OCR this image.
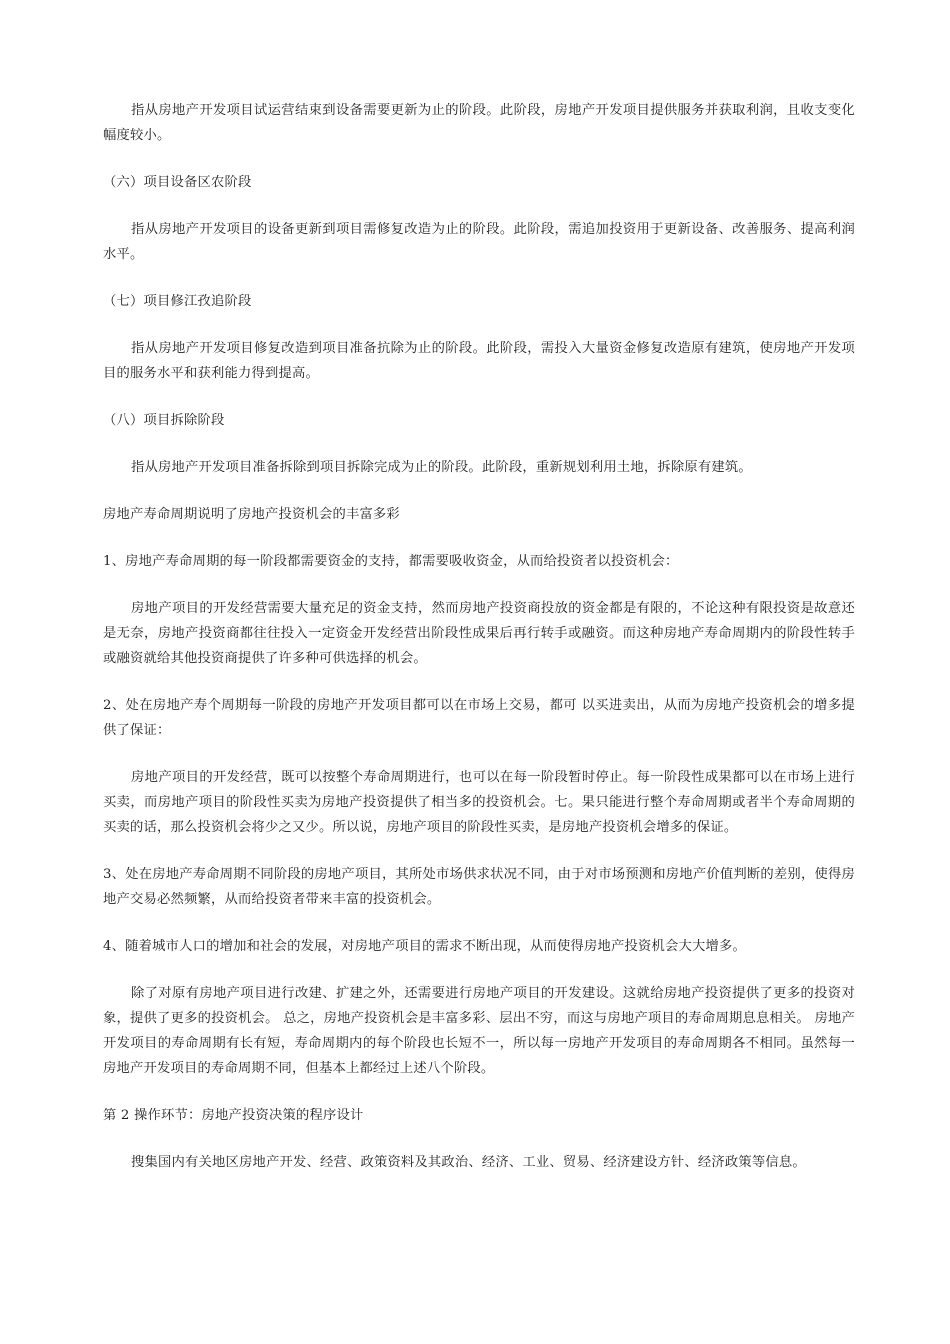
指从房地产开发项目试运营结束到设备需要更新为止的阶段。此阶段，房地产开发项目提供服务并获取利润，且收支变化幅度较小。

（六）项目设备区农阶段

指从房地产开发项目的设备更新到项目需修复改造为止的阶段。此阶段，需追加投资用于更新设备、改善服务、提高利润水平。

（七）项目修江孜追阶段

指从房地产开发项目修复改造到项目准备抗除为止的阶段。此阶段，需投入大量资金修复改造原有建筑，使房地产开发项目的服务水平和获利能力得到提高。

（八）项目拆除阶段

指从房地产开发项目准备拆除到项目拆除完成为止的阶段。此阶段，重新规划利用土地，拆除原有建筑。

房地产寿命周期说明了房地产投资机会的丰富多彩

1、房地产寿命周期的每一阶段都需要资金的支持，都需要吸收资金，从而给投资者以投资机会：

房地产项目的开发经营需要大量充足的资金支持，然而房地产投资商投放的资金都是有限的，不论这种有限投资是故意还是无奈，房地产投资商都往往投入一定资金开发经营出阶段性成果后再行转手或融资。而这种房地产寿命周期内的阶段性转手或融资就给其他投资商提供了许多种可供选择的机会。

2、处在房地产寿个周期每一阶段的房地产开发项目都可以在市场上交易，都可 以买进卖出，从而为房地产投资机会的增多提供了保证：

房地产项目的开发经营，既可以按整个寿命周期进行，也可以在每一阶段暂时停止。每一阶段性成果都可以在市场上进行买卖，而房地产项目的阶段性买卖为房地产投资提供了相当多的投资机会。七。果只能进行整个寿命周期或者半个寿命周期的买卖的话，那么投资机会将少之又少。所以说，房地产项目的阶段性买卖，是房地产投资机会增多的保证。

3、处在房地产寿命周期不同阶段的房地产项目，其所处市场供求状况不同，由于对市场预测和房地产价值判断的差别，使得房地产交易必然频繁，从而给投资者带来丰富的投资机会。

4、随着城市人口的增加和社会的发展，对房地产项目的需求不断出现，从而使得房地产投资机会大大增多。

除了对原有房地产项目进行改建、扩建之外，还需要进行房地产项目的开发建设。这就给房地产投资提供了更多的投资对象，提供了更多的投资机会。 总之，房地产投资机会是丰富多彩、层出不穷，而这与房地产项目的寿命周期息息相关。 房地产开发项目的寿命周期有长有短，寿命周期内的每个阶段也长短不一，所以每一房地产开发项目的寿命周期各不相同。虽然每一房地产开发项目的寿命周期不同，但基本上都经过上述八个阶段。

第 2 操作环节：房地产投资决策的程序设计

搜集国内有关地区房地产开发、经营、政策资料及其政治、经济、工业、贸易、经济建设方针、经济政策等信息。
